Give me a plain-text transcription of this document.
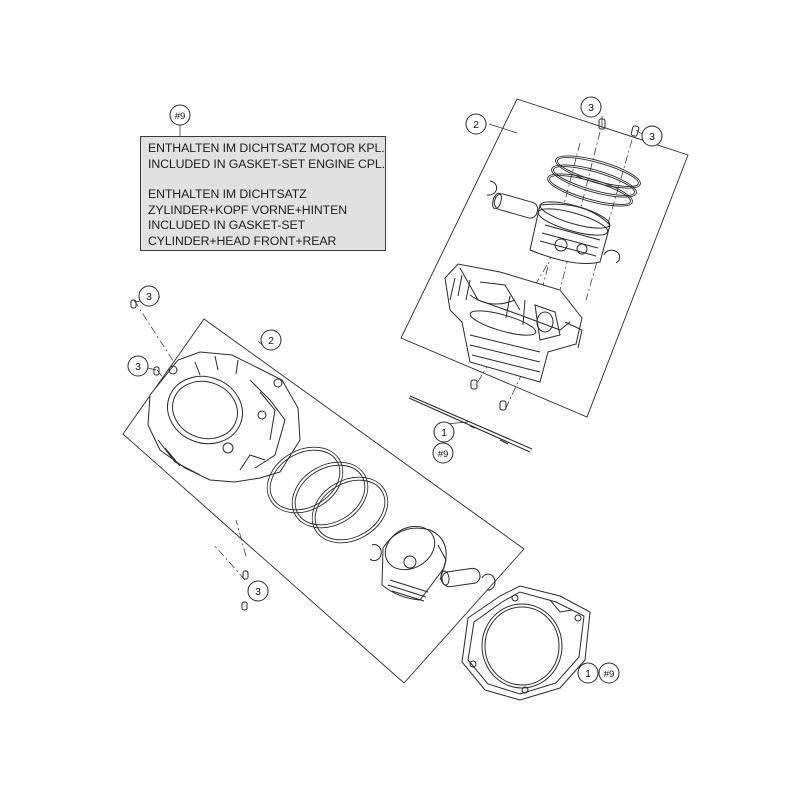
#9
2
3
3
1
#9
3
2
3
3
1 #9
ENTHALTEN IM DICHTSATZ MOTOR KPL.
INCLUDED IN GASKET-SET ENGINE CPL.
ENTHALTEN IM DICHTSATZ
ZYLINDER+KOPF VORNE+HINTEN
INCLUDED IN GASKET-SET
CYLINDER+HEAD FRONT+REAR
